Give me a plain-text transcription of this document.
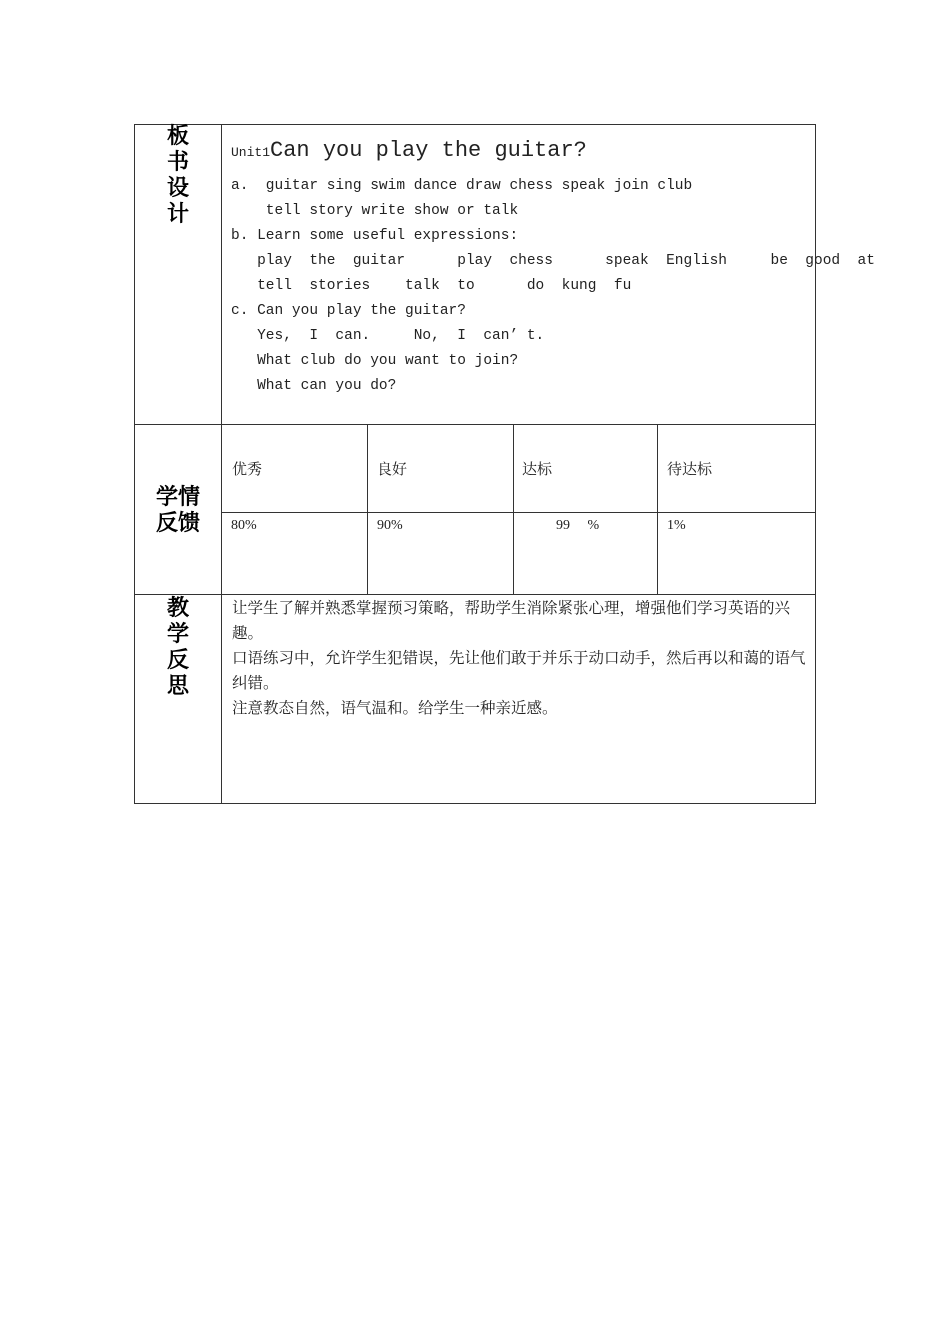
板
书
设
计
Unit1Can you play the guitar?
a.  guitar sing swim dance draw chess speak join club
tell story write show or talk
b. Learn some useful expressions:
play  the  guitar      play  chess      speak  English     be  good  at
tell  stories    talk  to      do  kung  fu
c. Can you play the guitar?
Yes,  I  can.     No,  I  can’ t.
What club do you want to join?
What can you do?
学情
反馈
优秀	良好	达标	待达标
80%	90%	99     %	1%
教
学
反
思

让学生了解并熟悉掌握预习策略，帮助学生消除紧张心理，增强他们学习英语的兴趣。

口语练习中，允许学生犯错误，先让他们敢于并乐于动口动手，然后再以和蔼的语气纠错。

注意教态自然，语气温和。给学生一种亲近感。
